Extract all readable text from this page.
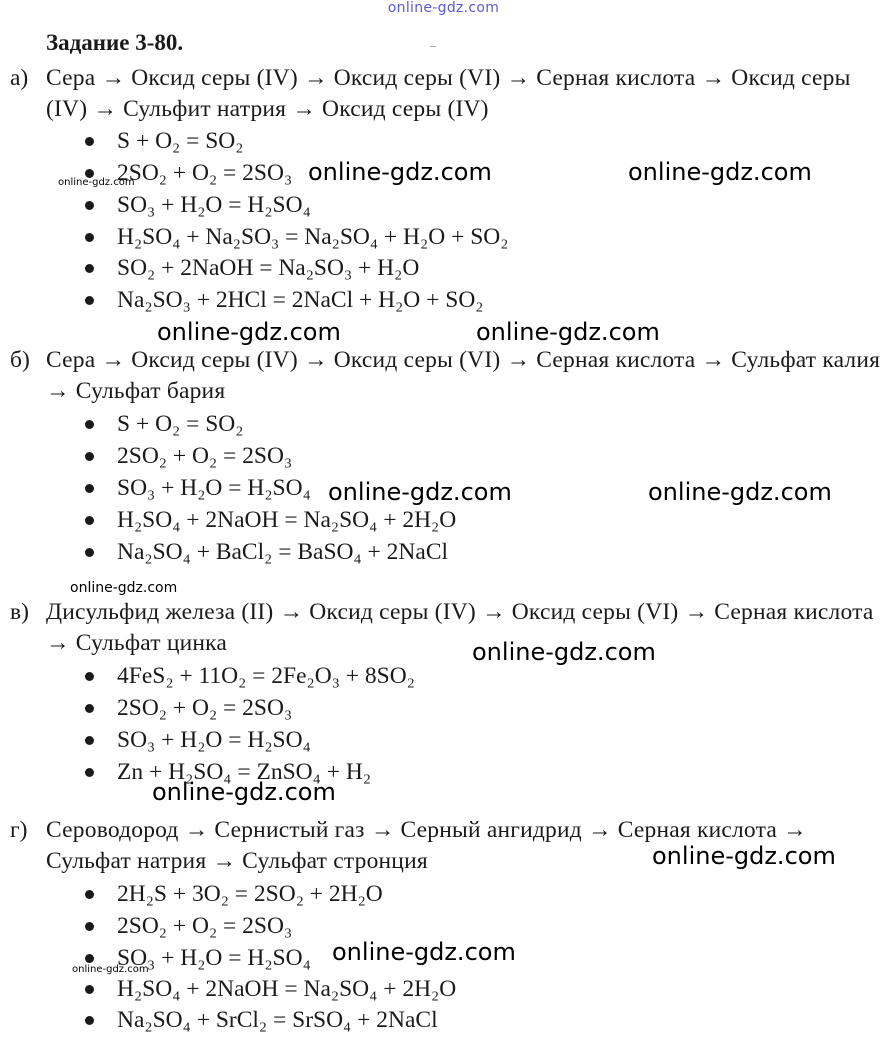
online-gdz.com
Задание 3-80.
а) Сера → Оксид серы (IV) → Оксид серы (VI) → Серная кислота → Оксид серы (IV) → Сульфит натрия → Оксид серы (IV)
S + O₂ = SO₂
2SO₂ + O₂ = 2SO₃
SO₃ + H₂O = H₂SO₄
H₂SO₄ + Na₂SO₃ = Na₂SO₄ + H₂O + SO₂
SO₂ + 2NaOH = Na₂SO₃ + H₂O
Na₂SO₃ + 2HCl = 2NaCl + H₂O + SO₂
б) Сера → Оксид серы (IV) → Оксид серы (VI) → Серная кислота → Сульфат калия → Сульфат бария
S + O₂ = SO₂
2SO₂ + O₂ = 2SO₃
SO₃ + H₂O = H₂SO₄
H₂SO₄ + 2NaOH = Na₂SO₄ + 2H₂O
Na₂SO₄ + BaCl₂ = BaSO₄ + 2NaCl
в) Дисульфид железа (II) → Оксид серы (IV) → Оксид серы (VI) → Серная кислота → Сульфат цинка
4FeS₂ + 11O₂ = 2Fe₂O₃ + 8SO₂
2SO₂ + O₂ = 2SO₃
SO₃ + H₂O = H₂SO₄
Zn + H₂SO₄ = ZnSO₄ + H₂
г) Сероводород → Сернистый газ → Серный ангидрид → Серная кислота → Сульфат натрия → Сульфат стронция
2H₂S + 3O₂ = 2SO₂ + 2H₂O
2SO₂ + O₂ = 2SO₃
SO₃ + H₂O = H₂SO₄
H₂SO₄ + 2NaOH = Na₂SO₄ + 2H₂O
Na₂SO₄ + SrCl₂ = SrSO₄ + 2NaCl
online-gdz.com	online-gdz.com
online-gdz.com
online-gdz.com	online-gdz.com
online-gdz.com	online-gdz.com
online-gdz.com
online-gdz.com
online-gdz.com
online-gdz.com
online-gdz.com
online-gdz.com
